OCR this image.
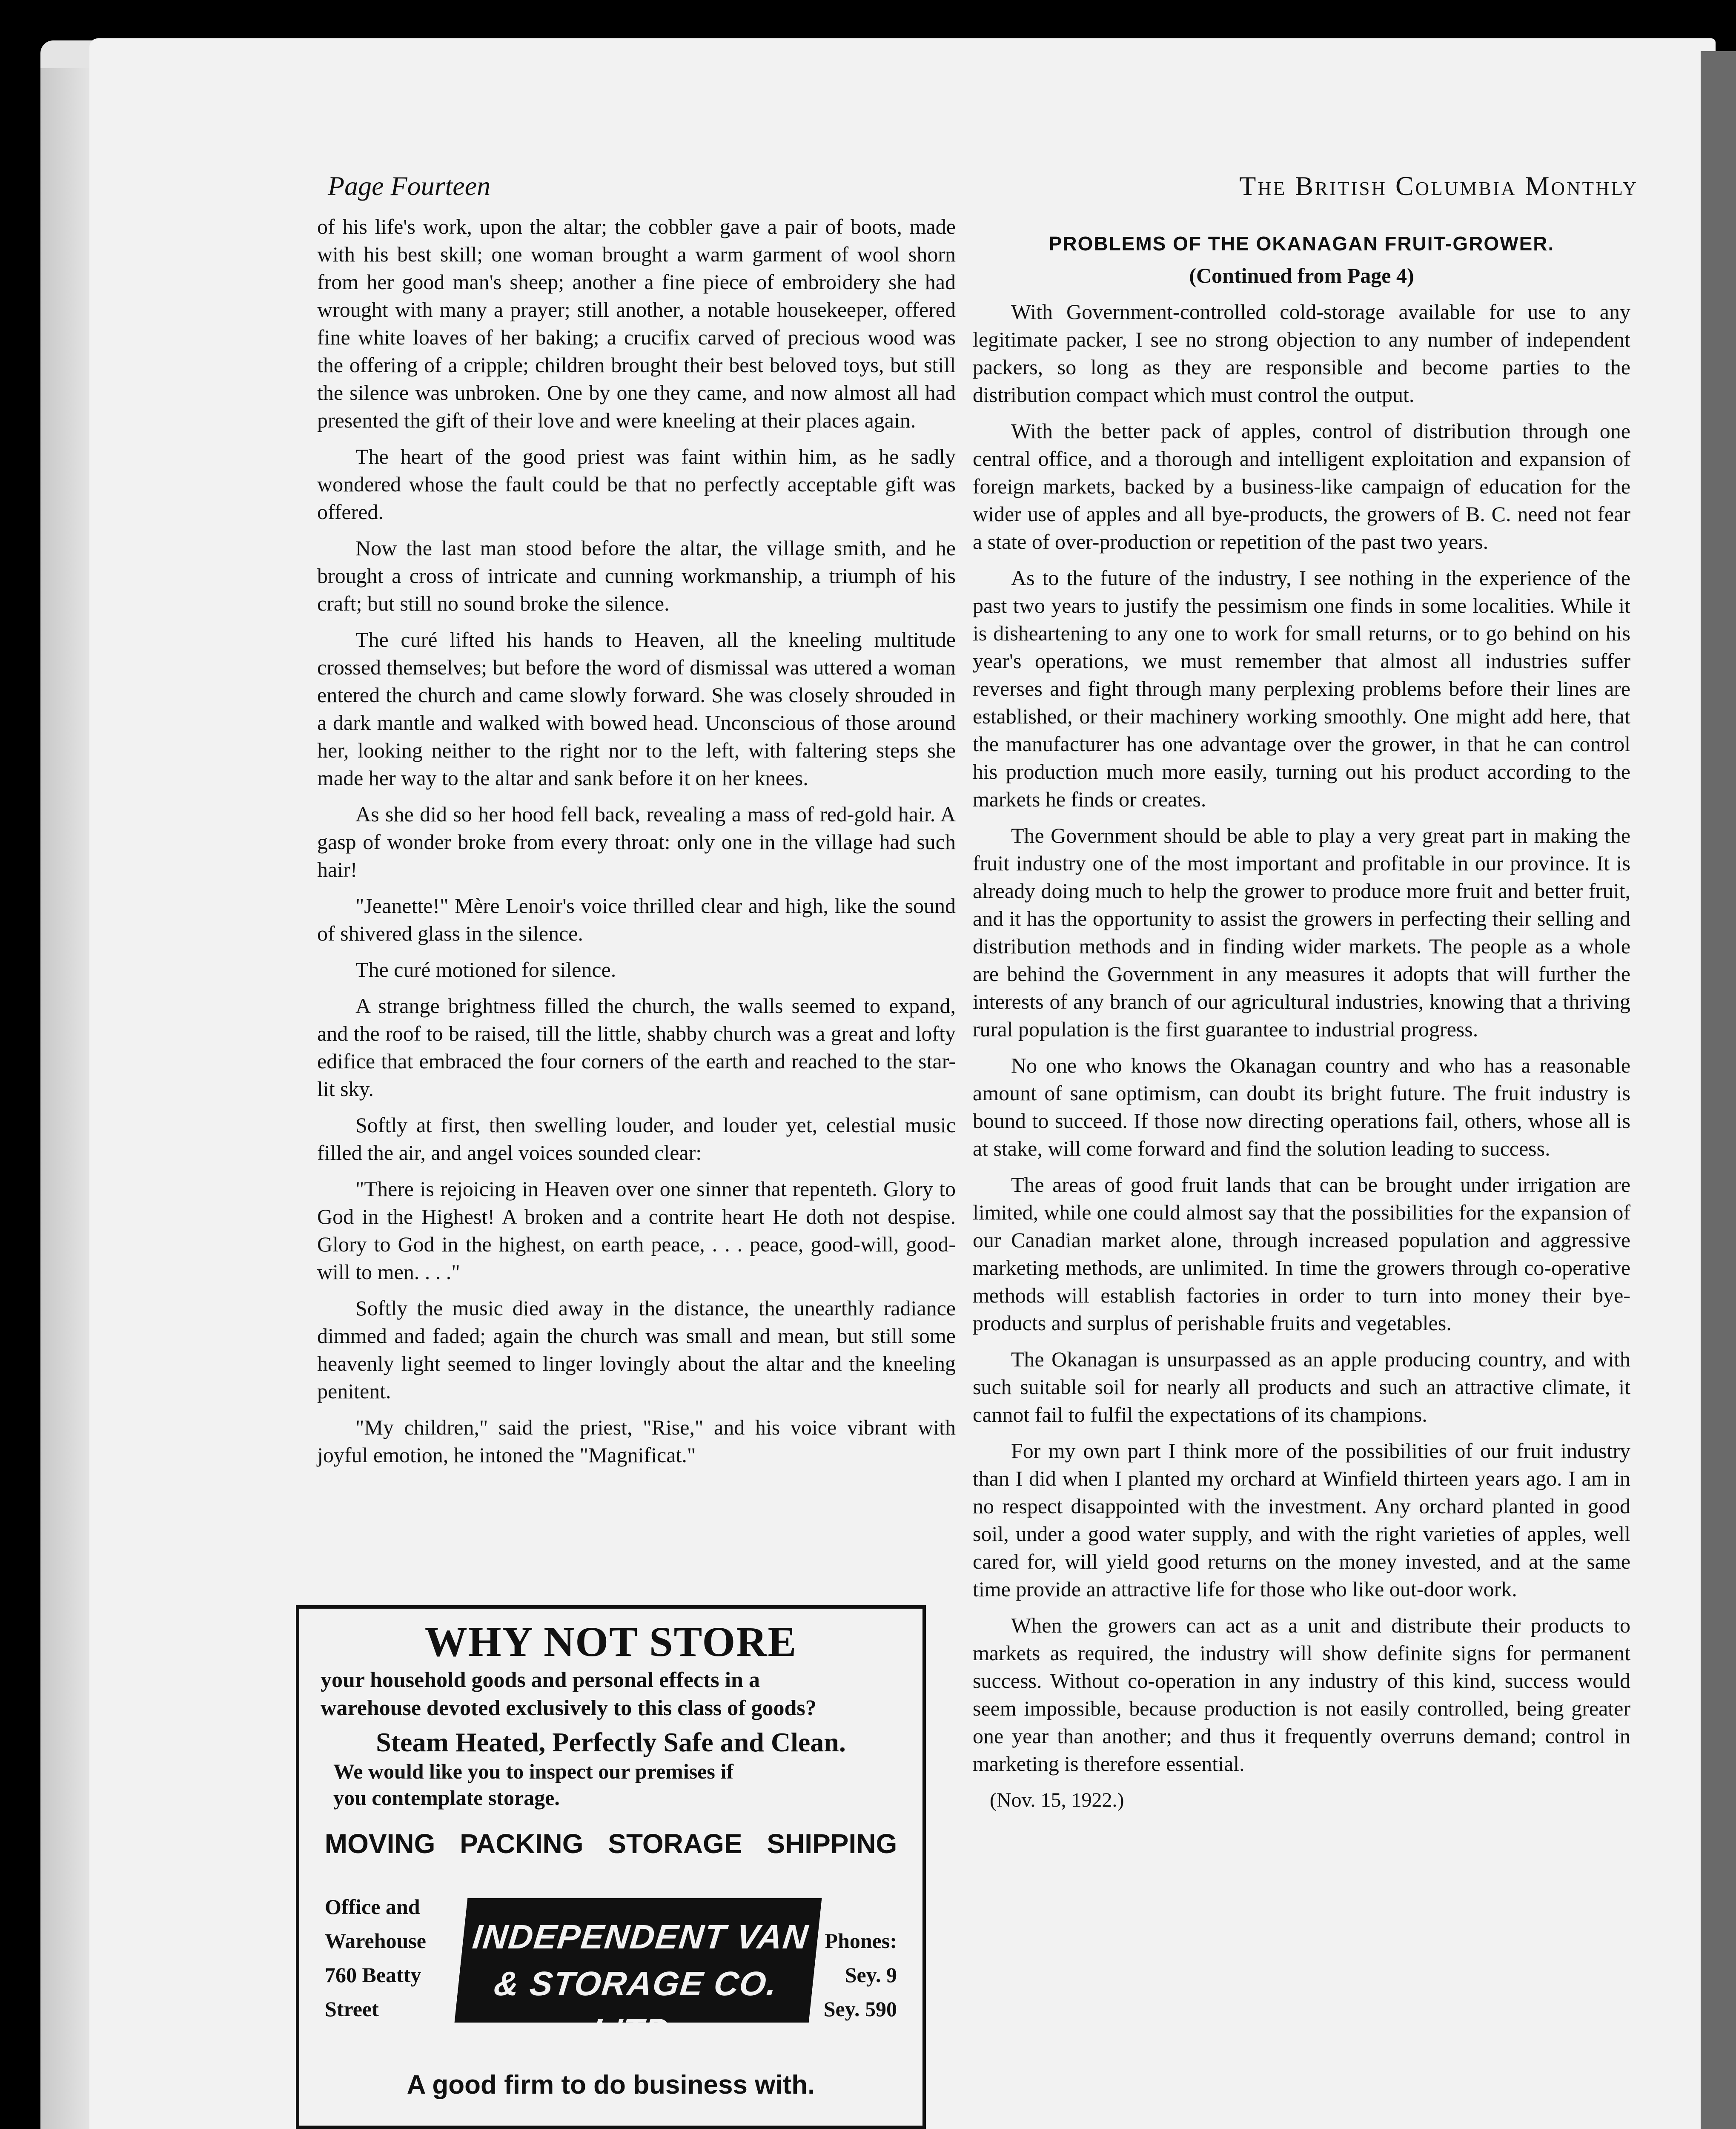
Page Fourteen	The British Columbia Monthly

of his life's work, upon the altar; the cobbler gave a pair of boots, made with his best skill; one woman brought a warm garment of wool shorn from her good man's sheep; another a fine piece of embroidery she had wrought with many a prayer; still another, a notable housekeeper, offered fine white loaves of her baking; a crucifix carved of precious wood was the offering of a cripple; children brought their best beloved toys, but still the silence was unbroken. One by one they came, and now almost all had presented the gift of their love and were kneeling at their places again.

The heart of the good priest was faint within him, as he sadly wondered whose the fault could be that no perfectly acceptable gift was offered.

Now the last man stood before the altar, the village smith, and he brought a cross of intricate and cunning workmanship, a triumph of his craft; but still no sound broke the silence.

The curé lifted his hands to Heaven, all the kneeling multitude crossed themselves; but before the word of dismissal was uttered a woman entered the church and came slowly forward. She was closely shrouded in a dark mantle and walked with bowed head. Unconscious of those around her, looking neither to the right nor to the left, with faltering steps she made her way to the altar and sank before it on her knees.

As she did so her hood fell back, revealing a mass of red-gold hair. A gasp of wonder broke from every throat: only one in the village had such hair!

"Jeanette!" Mère Lenoir's voice thrilled clear and high, like the sound of shivered glass in the silence.

The curé motioned for silence.

A strange brightness filled the church, the walls seemed to expand, and the roof to be raised, till the little, shabby church was a great and lofty edifice that embraced the four corners of the earth and reached to the star-lit sky.

Softly at first, then swelling louder, and louder yet, celestial music filled the air, and angel voices sounded clear:

"There is rejoicing in Heaven over one sinner that repenteth. Glory to God in the Highest! A broken and a contrite heart He doth not despise. Glory to God in the highest, on earth peace, . . . peace, good-will, good-will to men. . . ."

Softly the music died away in the distance, the unearthly radiance dimmed and faded; again the church was small and mean, but still some heavenly light seemed to linger lovingly about the altar and the kneeling penitent.

"My children," said the priest, "Rise," and his voice vibrant with joyful emotion, he intoned the "Magnificat."

WHY NOT STORE
your household goods and personal effects in a
warehouse devoted exclusively to this class of goods?
Steam Heated, Perfectly Safe and Clean.
We would like you to inspect our premises if
you contemplate storage.
MOVING PACKING STORAGE SHIPPING
Office and
Warehouse
760 Beatty
Street
INDEPENDENT VAN
& STORAGE CO. L'TD
Phones:
Sey. 9
Sey. 590
A good firm to do business with.
PROBLEMS OF THE OKANAGAN FRUIT-GROWER.
(Continued from Page 4)

With Government-controlled cold-storage available for use to any legitimate packer, I see no strong objection to any number of independent packers, so long as they are responsible and become parties to the distribution compact which must control the output.

With the better pack of apples, control of distribution through one central office, and a thorough and intelligent exploitation and expansion of foreign markets, backed by a business-like campaign of education for the wider use of apples and all bye-products, the growers of B. C. need not fear a state of over-production or repetition of the past two years.

As to the future of the industry, I see nothing in the experience of the past two years to justify the pessimism one finds in some localities. While it is disheartening to any one to work for small returns, or to go behind on his year's operations, we must remember that almost all industries suffer reverses and fight through many perplexing problems before their lines are established, or their machinery working smoothly. One might add here, that the manufacturer has one advantage over the grower, in that he can control his production much more easily, turning out his product according to the markets he finds or creates.

The Government should be able to play a very great part in making the fruit industry one of the most important and profitable in our province. It is already doing much to help the grower to produce more fruit and better fruit, and it has the opportunity to assist the growers in perfecting their selling and distribution methods and in finding wider markets. The people as a whole are behind the Government in any measures it adopts that will further the interests of any branch of our agricultural industries, knowing that a thriving rural population is the first guarantee to industrial progress.

No one who knows the Okanagan country and who has a reasonable amount of sane optimism, can doubt its bright future. The fruit industry is bound to succeed. If those now directing operations fail, others, whose all is at stake, will come forward and find the solution leading to success.

The areas of good fruit lands that can be brought under irrigation are limited, while one could almost say that the possibilities for the expansion of our Canadian market alone, through increased population and aggressive marketing methods, are unlimited. In time the growers through co-operative methods will establish factories in order to turn into money their bye-products and surplus of perishable fruits and vegetables.

The Okanagan is unsurpassed as an apple producing country, and with such suitable soil for nearly all products and such an attractive climate, it cannot fail to fulfil the expectations of its champions.

For my own part I think more of the possibilities of our fruit industry than I did when I planted my orchard at Winfield thirteen years ago. I am in no respect disappointed with the investment. Any orchard planted in good soil, under a good water supply, and with the right varieties of apples, well cared for, will yield good returns on the money invested, and at the same time provide an attractive life for those who like out-door work.

When the growers can act as a unit and distribute their products to markets as required, the industry will show definite signs for permanent success. Without co-operation in any industry of this kind, success would seem impossible, because production is not easily controlled, being greater one year than another; and thus it frequently overruns demand; control in marketing is therefore essential.

(Nov. 15, 1922.)
